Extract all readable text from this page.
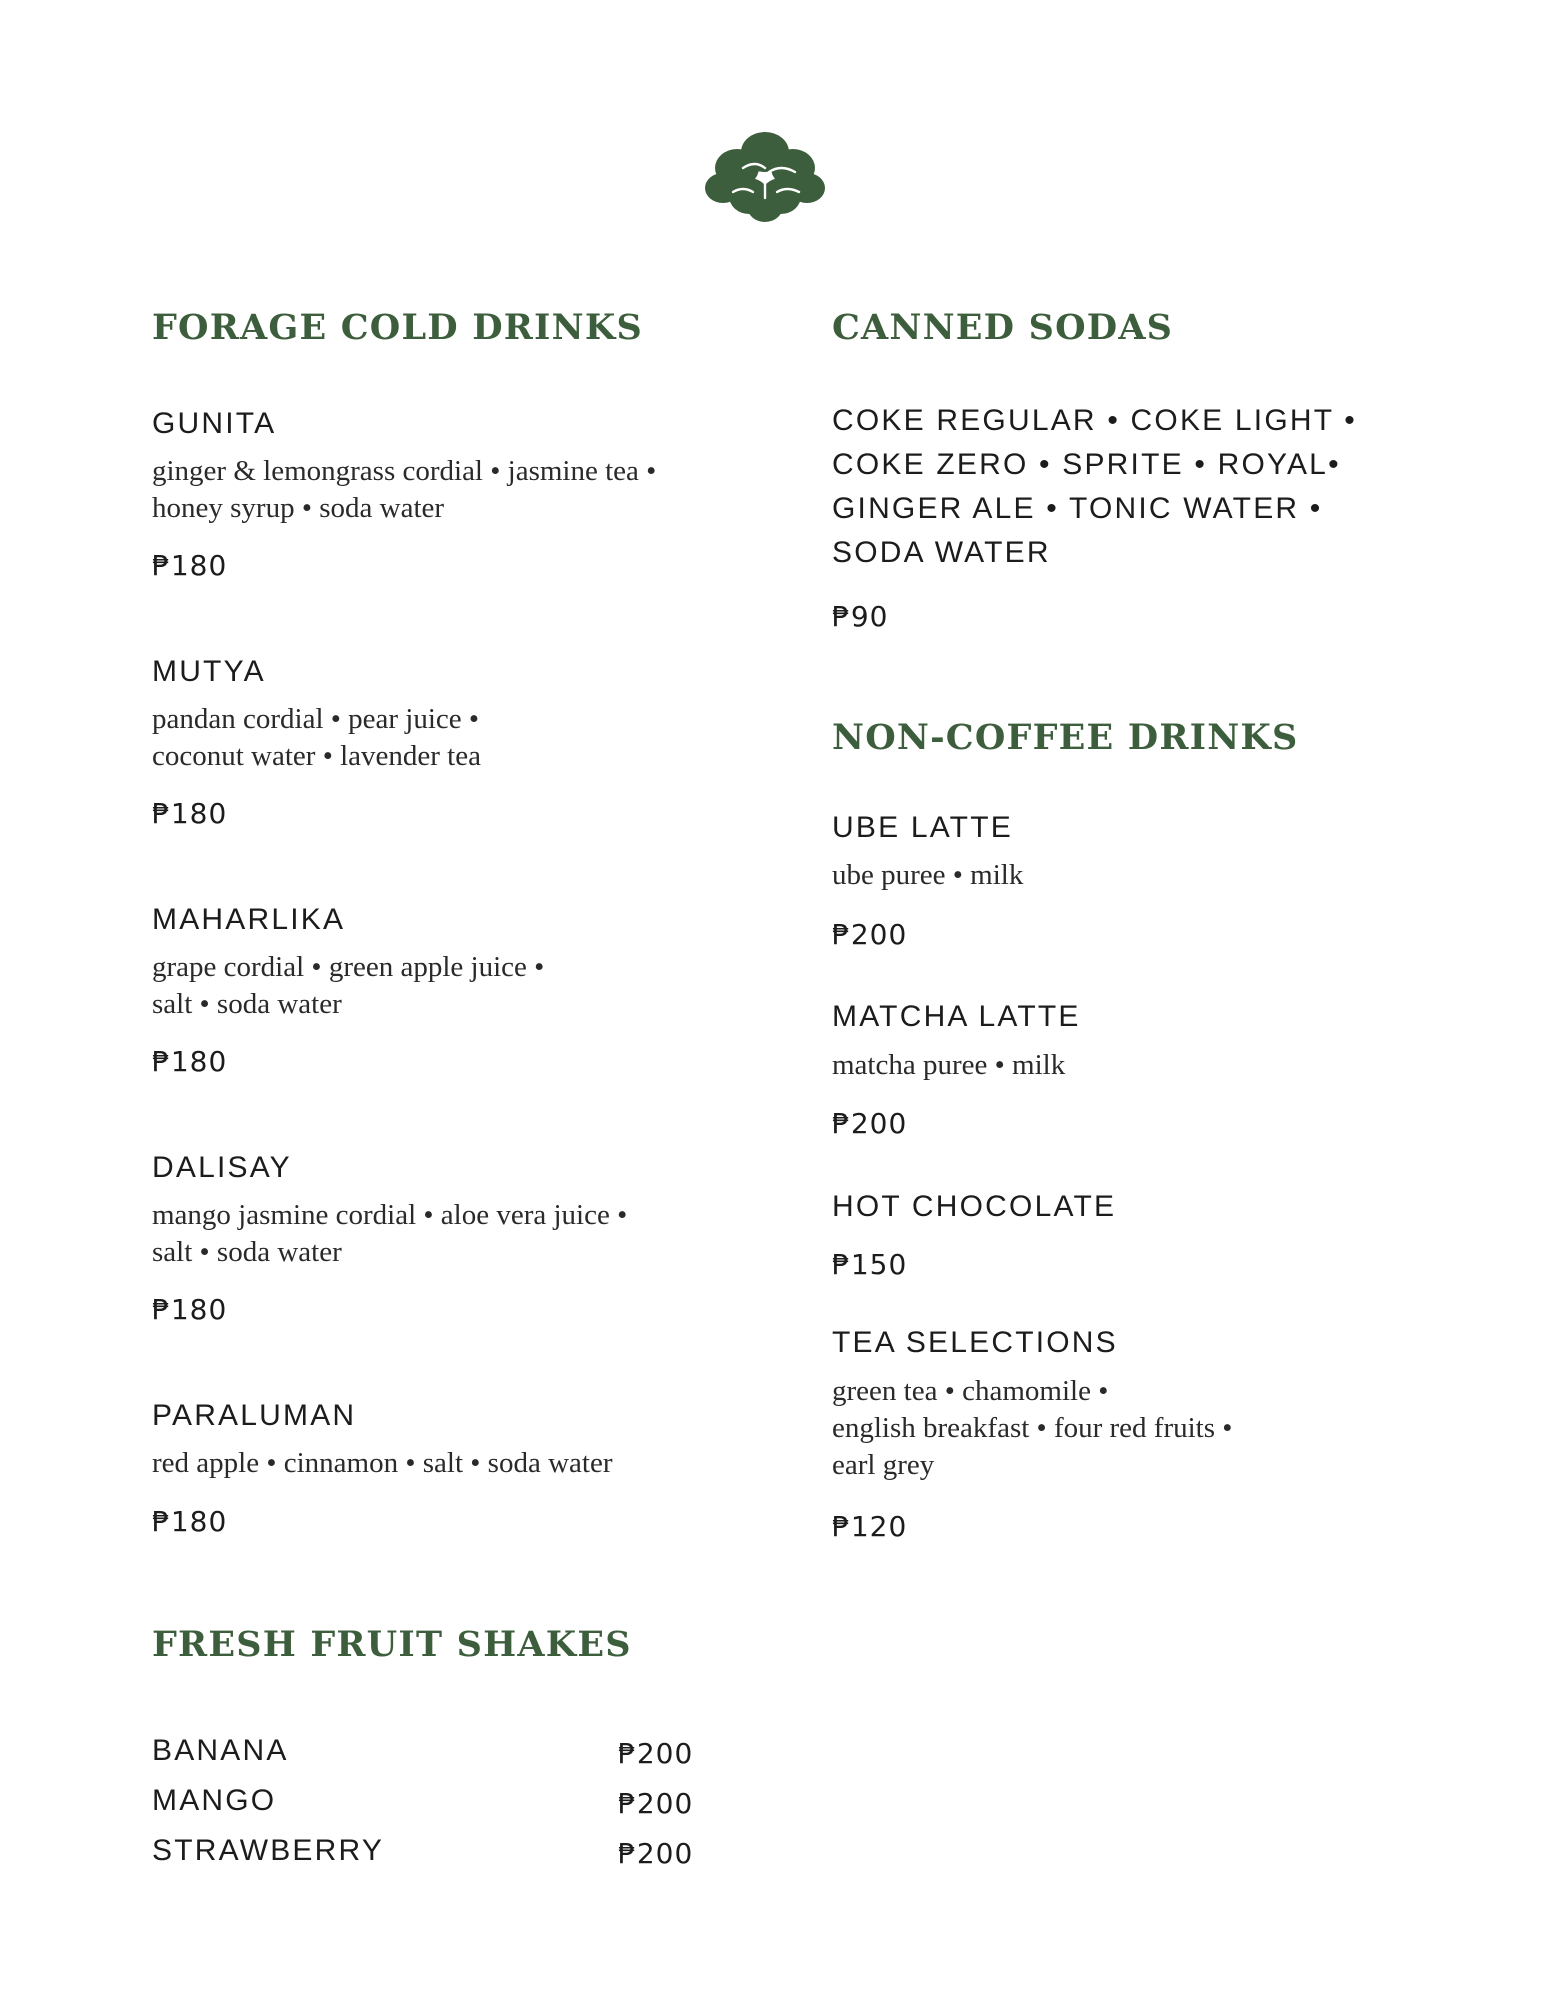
FORAGE COLD DRINKS
GUNITA
ginger & lemongrass cordial • jasmine tea •
honey syrup • soda water
₱180
MUTYA
pandan cordial • pear juice •
coconut water • lavender tea
₱180
MAHARLIKA
grape cordial • green apple juice •
salt • soda water
₱180
DALISAY
mango jasmine cordial • aloe vera juice •
salt • soda water
₱180
PARALUMAN
red apple • cinnamon • salt • soda water
₱180
FRESH FRUIT SHAKES
BANANA	₱200
MANGO	₱200
STRAWBERRY	₱200
CANNED SODAS
COKE REGULAR • COKE LIGHT •
COKE ZERO • SPRITE • ROYAL•
GINGER ALE • TONIC WATER •
SODA WATER
₱90
NON-COFFEE DRINKS
UBE LATTE
ube puree • milk
₱200
MATCHA LATTE
matcha puree • milk
₱200
HOT CHOCOLATE
₱150
TEA SELECTIONS
green tea • chamomile •
english breakfast • four red fruits •
earl grey
₱120
